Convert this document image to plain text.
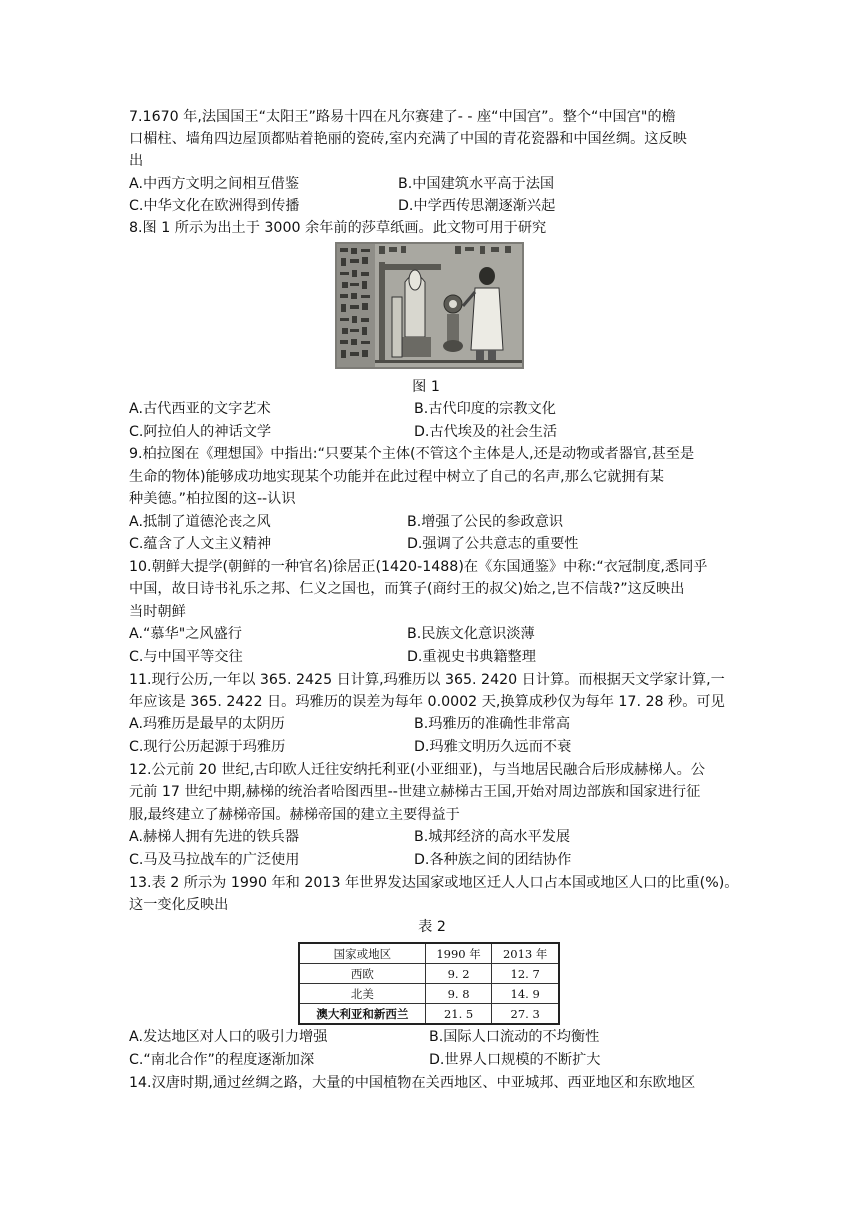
7.1670 年,法国国王“太阳王”路易十四在凡尔赛建了- - 座“中国宫”。整个“中国宫"的檐
口楣柱、墙角四边屋顶都贴着艳丽的瓷砖,室内充满了中国的青花瓷器和中国丝绸。这反映
出
A.中西方文明之间相互借鉴	B.中国建筑水平高于法国
C.中华文化在欧洲得到传播	D.中学西传思潮逐渐兴起
8.图 1 所示为出土于 3000 余年前的莎草纸画。此文物可用于研究
图 1
A.古代西亚的文字艺术	B.古代印度的宗教文化
C.阿拉伯人的神话文学	D.古代埃及的社会生活
9.柏拉图在《理想国》中指出:“只要某个主体(不管这个主体是人,还是动物或者器官,甚至是
生命的物体)能够成功地实现某个功能并在此过程中树立了自己的名声,那么它就拥有某
种美德。”柏拉图的这--认识
A.抵制了道德沦丧之风	B.增强了公民的参政意识
C.蕴含了人文主义精神	D.强调了公共意志的重要性
10.朝鲜大提学(朝鲜的一种官名)徐居正(1420-1488)在《东国通鉴》中称:“衣冠制度,悉同乎
中国，故日诗书礼乐之邦、仁义之国也，而箕子(商纣王的叔父)始之,岂不信哉?”这反映出
当时朝鲜
A.“慕华"之风盛行	B.民族文化意识淡薄
C.与中国平等交往	D.重视史书典籍整理
11.现行公历,一年以 365. 2425 日计算,玛雅历以 365. 2420 日计算。而根据天文学家计算,一
年应该是 365. 2422 日。玛雅历的误差为每年 0.0002 天,换算成秒仅为每年 17. 28 秒。可见
A.玛雅历是最早的太阴历	B.玛雅历的准确性非常高
C.现行公历起源于玛雅历	D.玛雅文明历久远而不衰
12.公元前 20 世纪,古印欧人迁往安纳托利亚(小亚细亚)，与当地居民融合后形成赫梯人。公
元前 17 世纪中期,赫梯的统治者哈图西里--世建立赫梯古王国,开始对周边部族和国家进行征
服,最终建立了赫梯帝国。赫梯帝国的建立主要得益于
A.赫梯人拥有先进的铁兵器	B.城邦经济的高水平发展
C.马及马拉战车的广泛使用	D.各种族之间的团结协作
13.表 2 所示为 1990 年和 2013 年世界发达国家或地区迁人人口占本国或地区人口的比重(%)。
这一变化反映出
表 2
国家或地区	1990 年	2013 年
西欧	9. 2	12. 7
北美	9. 8	14. 9
澳大利亚和新西兰	21. 5	27. 3
A.发达地区对人口的吸引力增强	B.国际人口流动的不均衡性
C.“南北合作”的程度逐渐加深	D.世界人口规模的不断扩大
14.汉唐时期,通过丝绸之路，大量的中国植物在关西地区、中亚城邦、西亚地区和东欧地区
